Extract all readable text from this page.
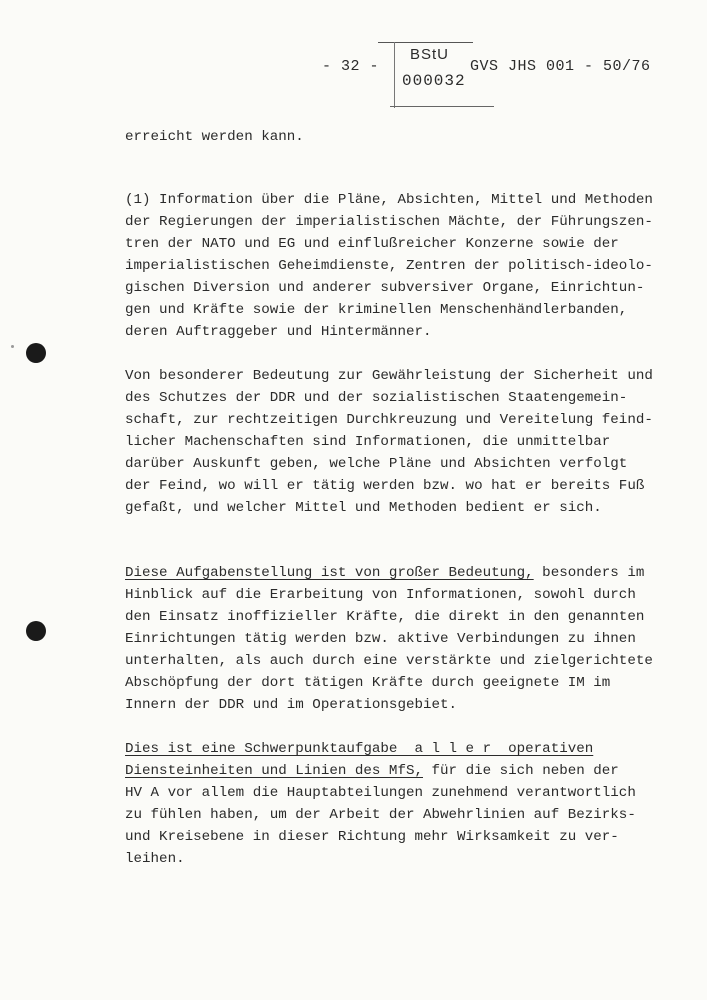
- 32 -
BStU
000032
GVS JHS 001 - 50/76
erreicht werden kann.
(1) Information über die Pläne, Absichten, Mittel und Methoden
der Regierungen der imperialistischen Mächte, der Führungszen-
tren der NATO und EG und einflußreicher Konzerne sowie der
imperialistischen Geheimdienste, Zentren der politisch-ideolo-
gischen Diversion und anderer subversiver Organe, Einrichtun-
gen und Kräfte sowie der kriminellen Menschenhändlerbanden,
deren Auftraggeber und Hintermänner.
Von besonderer Bedeutung zur Gewährleistung der Sicherheit und
des Schutzes der DDR und der sozialistischen Staatengemein-
schaft, zur rechtzeitigen Durchkreuzung und Vereitelung feind-
licher Machenschaften sind Informationen, die unmittelbar
darüber Auskunft geben, welche Pläne und Absichten verfolgt
der Feind, wo will er tätig werden bzw. wo hat er bereits Fuß
gefaßt, und welcher Mittel und Methoden bedient er sich.
Diese Aufgabenstellung ist von großer Bedeutung, besonders im
Hinblick auf die Erarbeitung von Informationen, sowohl durch
den Einsatz inoffizieller Kräfte, die direkt in den genannten
Einrichtungen tätig werden bzw. aktive Verbindungen zu ihnen
unterhalten, als auch durch eine verstärkte und zielgerichtete
Abschöpfung der dort tätigen Kräfte durch geeignete IM im
Innern der DDR und im Operationsgebiet.
Dies ist eine Schwerpunktaufgabe  a l l e r  operativen
Diensteinheiten und Linien des MfS, für die sich neben der
HV A vor allem die Hauptabteilungen zunehmend verantwortlich
zu fühlen haben, um der Arbeit der Abwehrlinien auf Bezirks-
und Kreisebene in dieser Richtung mehr Wirksamkeit zu ver-
leihen.
